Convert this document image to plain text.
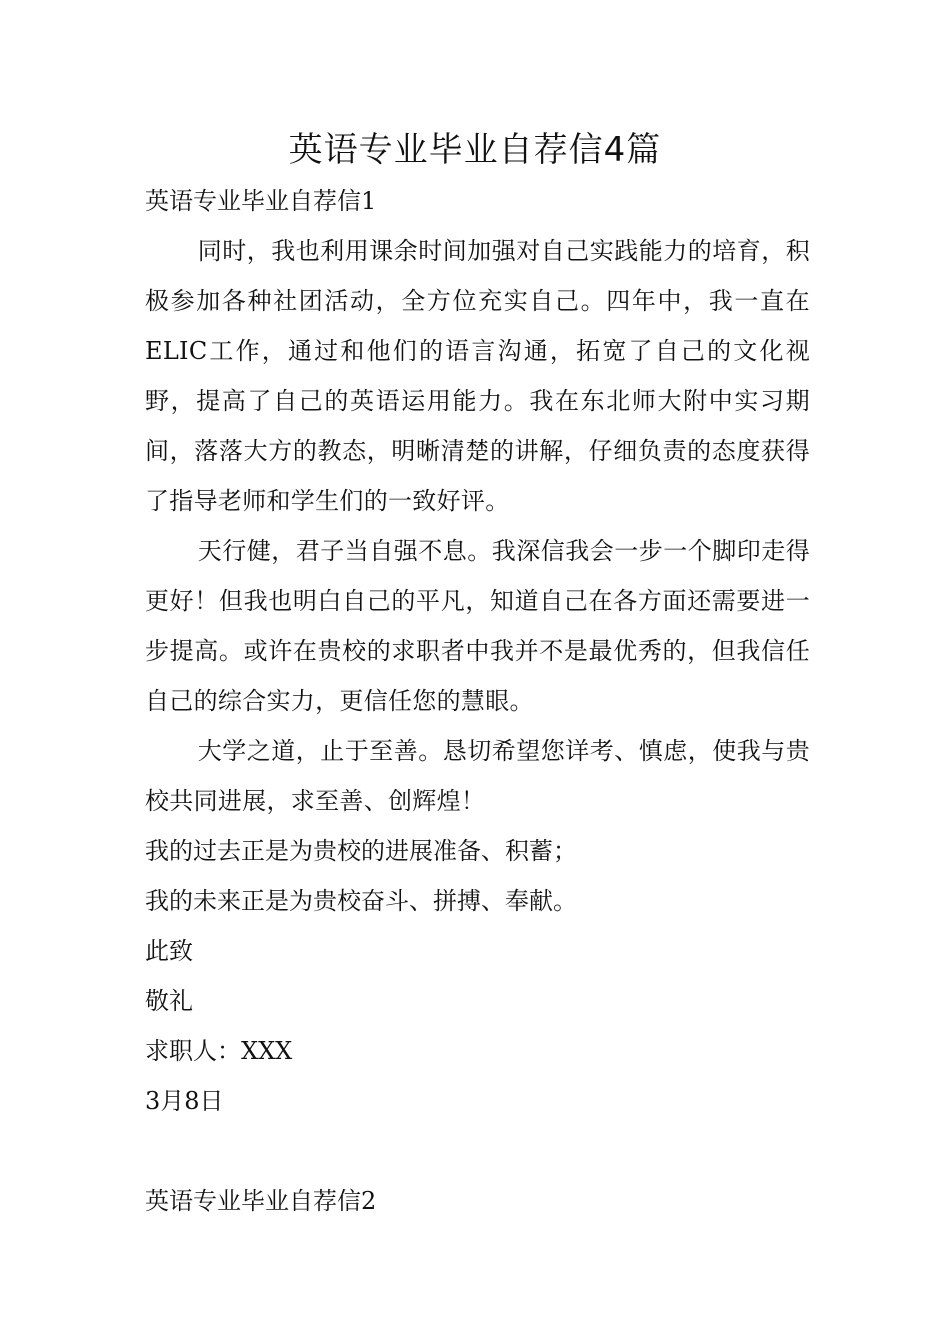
英语专业毕业自荐信4篇

英语专业毕业自荐信1

同时，我也利用课余时间加强对自己实践能力的培育，积极参加各种社团活动，全方位充实自己。四年中，我一直在ELIC工作，通过和他们的语言沟通，拓宽了自己的文化视野，提高了自己的英语运用能力。我在东北师大附中实习期间，落落大方的教态，明晰清楚的讲解，仔细负责的态度获得了指导老师和学生们的一致好评。

天行健，君子当自强不息。我深信我会一步一个脚印走得更好！但我也明白自己的平凡，知道自己在各方面还需要进一步提高。或许在贵校的求职者中我并不是最优秀的，但我信任自己的综合实力，更信任您的慧眼。

大学之道，止于至善。恳切希望您详考、慎虑，使我与贵校共同进展，求至善、创辉煌！

我的过去正是为贵校的进展准备、积蓄；

我的未来正是为贵校奋斗、拼搏、奉献。

此致

敬礼

求职人：XXX

3月8日

英语专业毕业自荐信2
